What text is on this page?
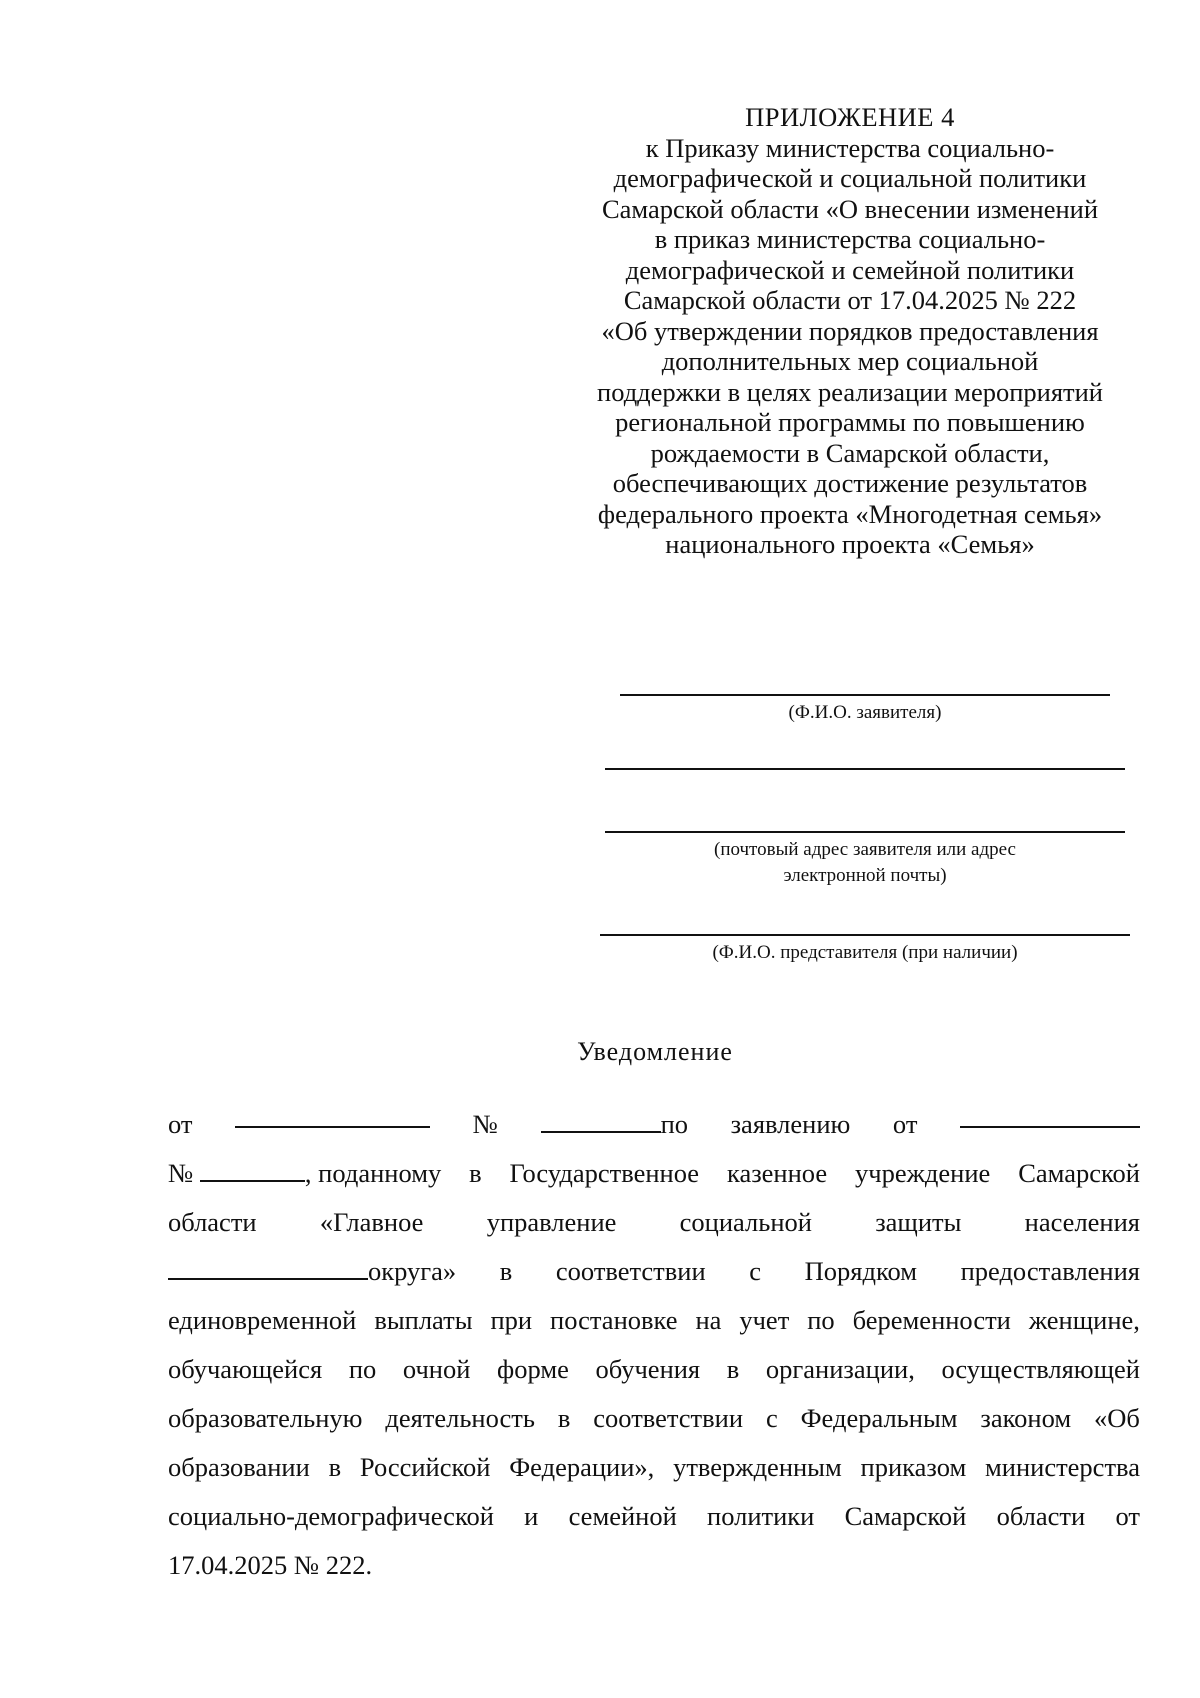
ПРИЛОЖЕНИЕ 4
к Приказу министерства социально-
демографической и социальной политики
Самарской области «О внесении изменений
в приказ министерства социально-
демографической и семейной политики
Самарской области от 17.04.2025 № 222
«Об утверждении порядков предоставления
дополнительных мер социальной
поддержки в целях реализации мероприятий
региональной программы по повышению
рождаемости в Самарской области,
обеспечивающих достижение результатов
федерального проекта «Многодетная семья»
национального проекта «Семья»
(Ф.И.О. заявителя)
(почтовый адрес заявителя или адрес
электронной почты)
(Ф.И.О. представителя (при наличии)
Уведомление
от	№	по заявлению от
№
	, поданному в Государственное казенное учреждение Самарской
области «Главное управление социальной защиты населения
округа» в соответствии с Порядком предоставления
единовременной выплаты при постановке на учет по беременности женщине,
обучающейся по очной форме обучения в организации, осуществляющей
образовательную деятельность в соответствии с Федеральным законом «Об
образовании в Российской Федерации», утвержденным приказом министерства
социально-демографической и семейной политики Самарской области от
17.04.2025 № 222.
